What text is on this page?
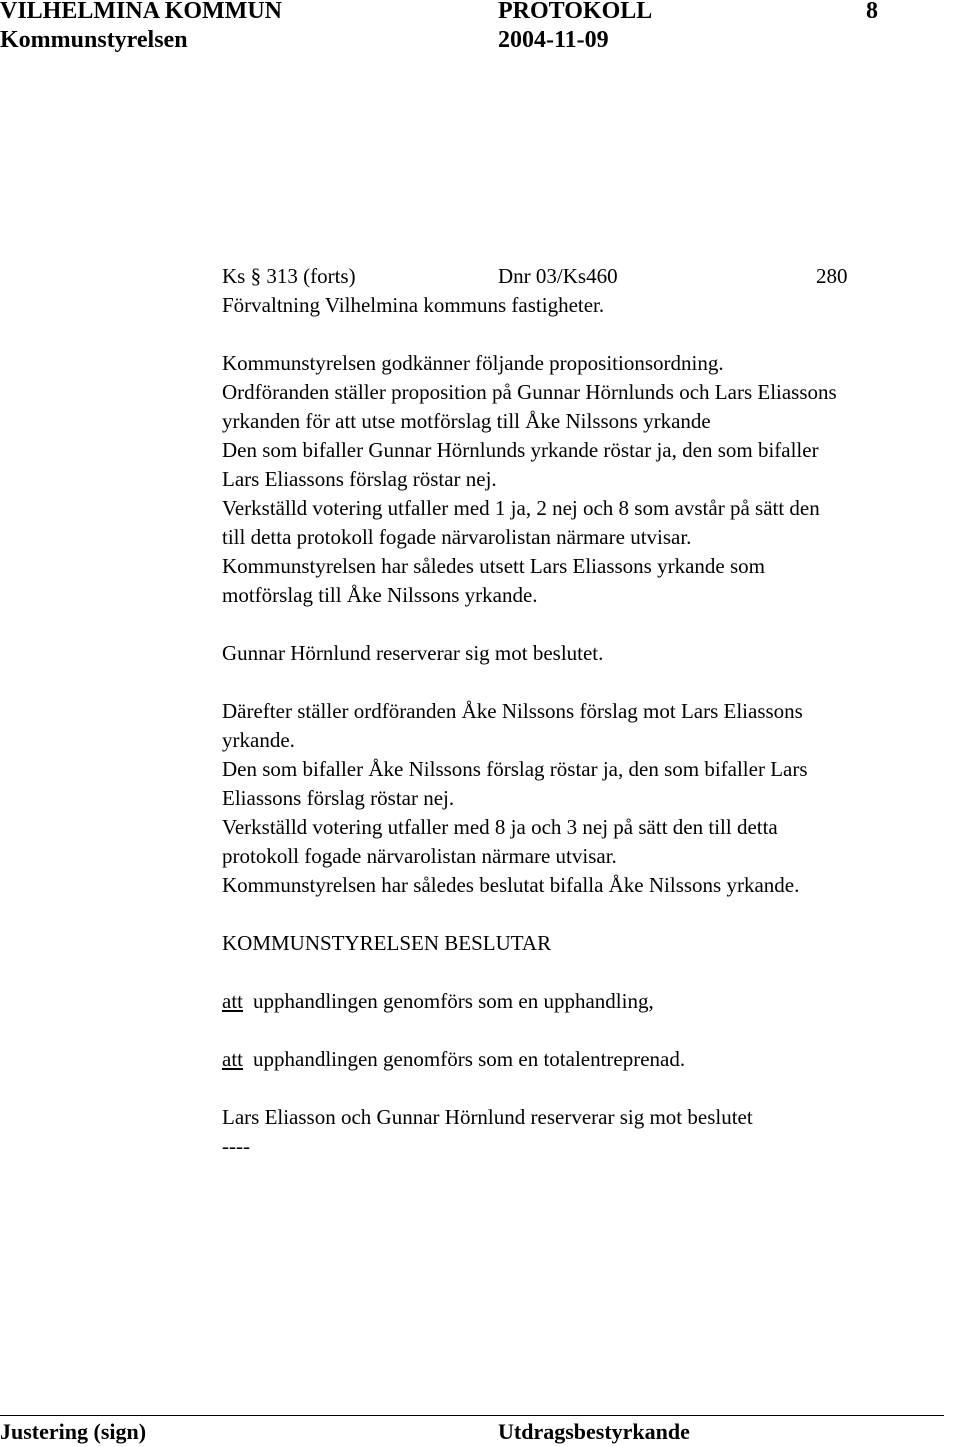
VILHELMINA KOMMUN	PROTOKOLL	8
Kommunstyrelsen	2004-11-09
Ks § 313 (forts)	Dnr 03/Ks460	280
Förvaltning Vilhelmina kommuns fastigheter.
Kommunstyrelsen godkänner följande propositionsordning.
Ordföranden ställer proposition på Gunnar Hörnlunds och Lars Eliassons
yrkanden för att utse motförslag till Åke Nilssons yrkande
Den som bifaller Gunnar Hörnlunds yrkande röstar ja, den som bifaller
Lars Eliassons förslag röstar nej.
Verkställd votering utfaller med 1 ja, 2 nej och 8 som avstår på sätt den
till detta protokoll fogade närvarolistan närmare utvisar.
Kommunstyrelsen har således utsett Lars Eliassons yrkande som
motförslag till Åke Nilssons yrkande.
Gunnar Hörnlund reserverar sig mot beslutet.
Därefter ställer ordföranden Åke Nilssons förslag mot Lars Eliassons
yrkande.
Den som bifaller Åke Nilssons förslag röstar ja, den som bifaller Lars
Eliassons förslag röstar nej.
Verkställd votering utfaller med 8 ja och 3 nej på sätt den till detta
protokoll fogade närvarolistan närmare utvisar.
Kommunstyrelsen har således beslutat bifalla Åke Nilssons yrkande.
KOMMUNSTYRELSEN BESLUTAR
att upphandlingen genomförs som en upphandling,
att upphandlingen genomförs som en totalentreprenad.
Lars Eliasson och Gunnar Hörnlund reserverar sig mot beslutet
----
Justering (sign)	Utdragsbestyrkande
